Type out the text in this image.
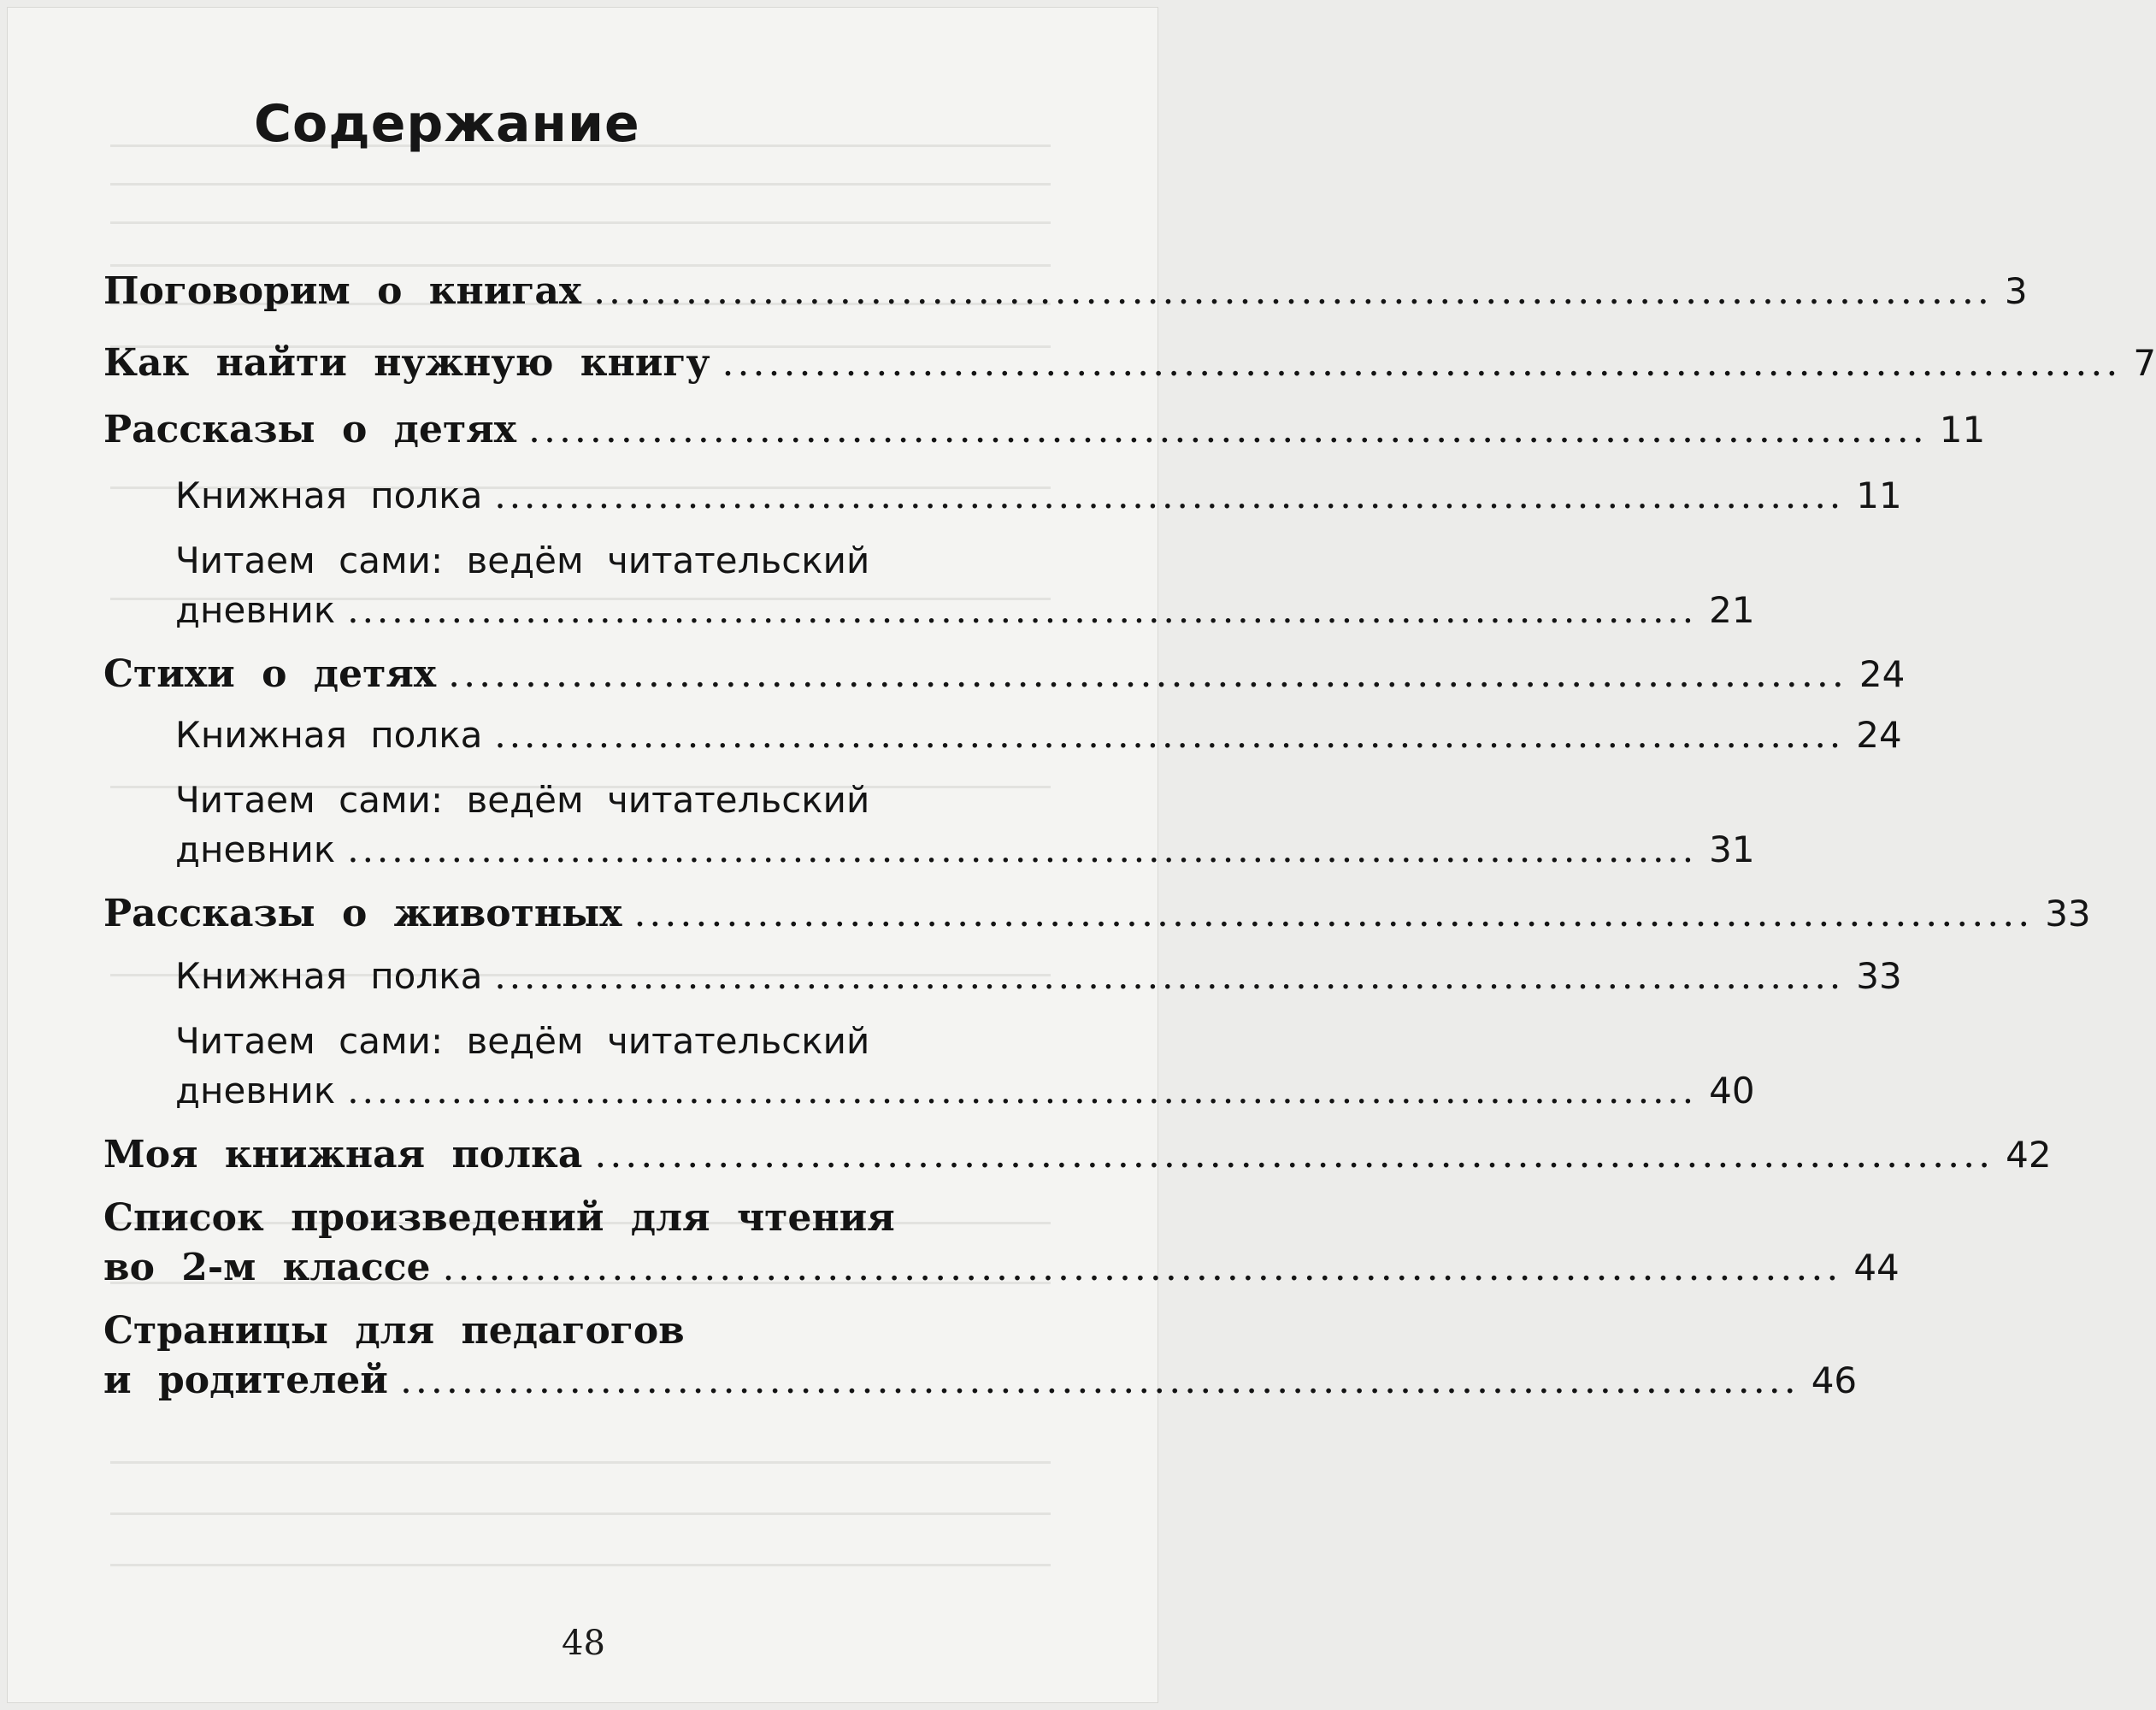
Содержание
Поговорим о книгах ........................................................................................... 3
Как найти нужную книгу ........................................................................................... 7
Рассказы о детях ........................................................................................... 11
Книжная полка ........................................................................................... 11
Читаем сами: ведём читательский
дневник ........................................................................................... 21
Стихи о детях ........................................................................................... 24
Книжная полка ........................................................................................... 24
Читаем сами: ведём читательский
дневник ........................................................................................... 31
Рассказы о животных ........................................................................................... 33
Книжная полка ........................................................................................... 33
Читаем сами: ведём читательский
дневник ........................................................................................... 40
Моя книжная полка ........................................................................................... 42
Список произведений для чтения
во 2-м классе ........................................................................................... 44
Страницы для педагогов
и родителей ........................................................................................... 46
48
